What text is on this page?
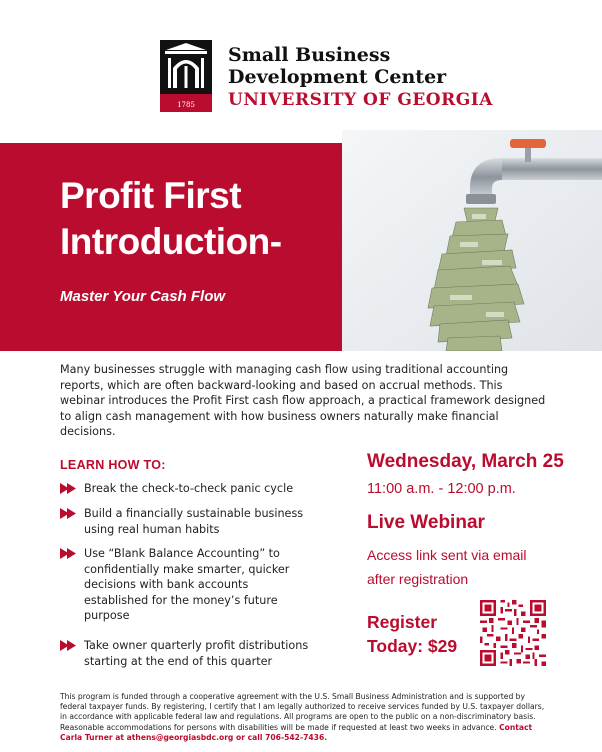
1785
Small Business
Development Center
UNIVERSITY OF GEORGIA
Profit First Introduction-
Master Your Cash Flow
Many businesses struggle with managing cash flow using traditional accounting reports, which are often backward-looking and based on accrual methods. This webinar introduces the Profit First cash flow approach, a practical framework designed to align cash management with how business owners naturally make financial decisions.
LEARN HOW TO:
Break the check-to-check panic cycle
Build a financially sustainable business using real human habits
Use “Blank Balance Accounting” to confidentially make smarter, quicker decisions with bank accounts established for the money’s future purpose
Take owner quarterly profit distributions starting at the end of this quarter
Wednesday, March 25
11:00 a.m. - 12:00 p.m.
Live Webinar
Access link sent via email
after registration
Register
Today: $29
This program is funded through a cooperative agreement with the U.S. Small Business Administration and is supported by federal taxpayer funds. By registering, I certify that I am legally authorized to receive services funded by U.S. taxpayer dollars, in accordance with applicable federal law and regulations. All programs are open to the public on a non-discriminatory basis. Reasonable accommodations for persons with disabilities will be made if requested at least two weeks in advance. Contact Carla Turner at athens@georgiasbdc.org or call 706-542-7436.
